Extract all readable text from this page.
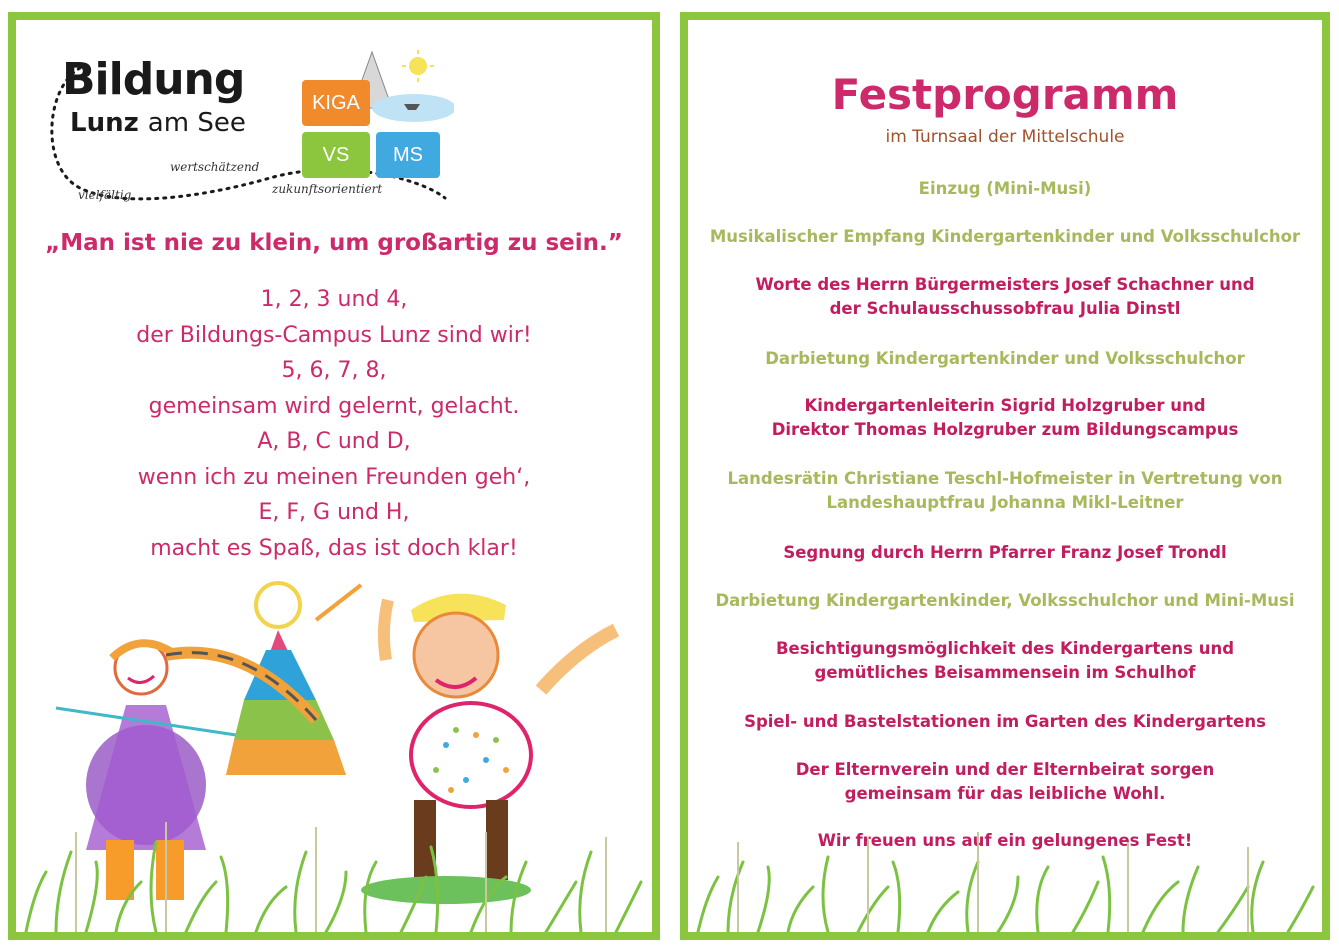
Bildung
Lunz am See
wertschätzend
vielfältig	zukunftsorientiert
KIGA
VS	MS
„Man ist nie zu klein, um großartig zu sein.”
1, 2, 3 und 4,
der Bildungs-Campus Lunz sind wir!
5, 6, 7, 8,
gemeinsam wird gelernt, gelacht.
A, B, C und D,
wenn ich zu meinen Freunden geh‘,
E, F, G und H,
macht es Spaß, das ist doch klar!
Festprogramm
im Turnsaal der Mittelschule
Einzug (Mini-Musi)
Musikalischer Empfang Kindergartenkinder und Volksschulchor
Worte des Herrn Bürgermeisters Josef Schachner und
der Schulausschussobfrau Julia Dinstl
Darbietung Kindergartenkinder und Volksschulchor
Kindergartenleiterin Sigrid Holzgruber und
Direktor Thomas Holzgruber zum Bildungscampus
Landesrätin Christiane Teschl-Hofmeister in Vertretung von
Landeshauptfrau Johanna Mikl-Leitner
Segnung durch Herrn Pfarrer Franz Josef Trondl
Darbietung Kindergartenkinder, Volksschulchor und Mini-Musi
Besichtigungsmöglichkeit des Kindergartens und
gemütliches Beisammensein im Schulhof
Spiel- und Bastelstationen im Garten des Kindergartens
Der Elternverein und der Elternbeirat sorgen
gemeinsam für das leibliche Wohl.
Wir freuen uns auf ein gelungenes Fest!
